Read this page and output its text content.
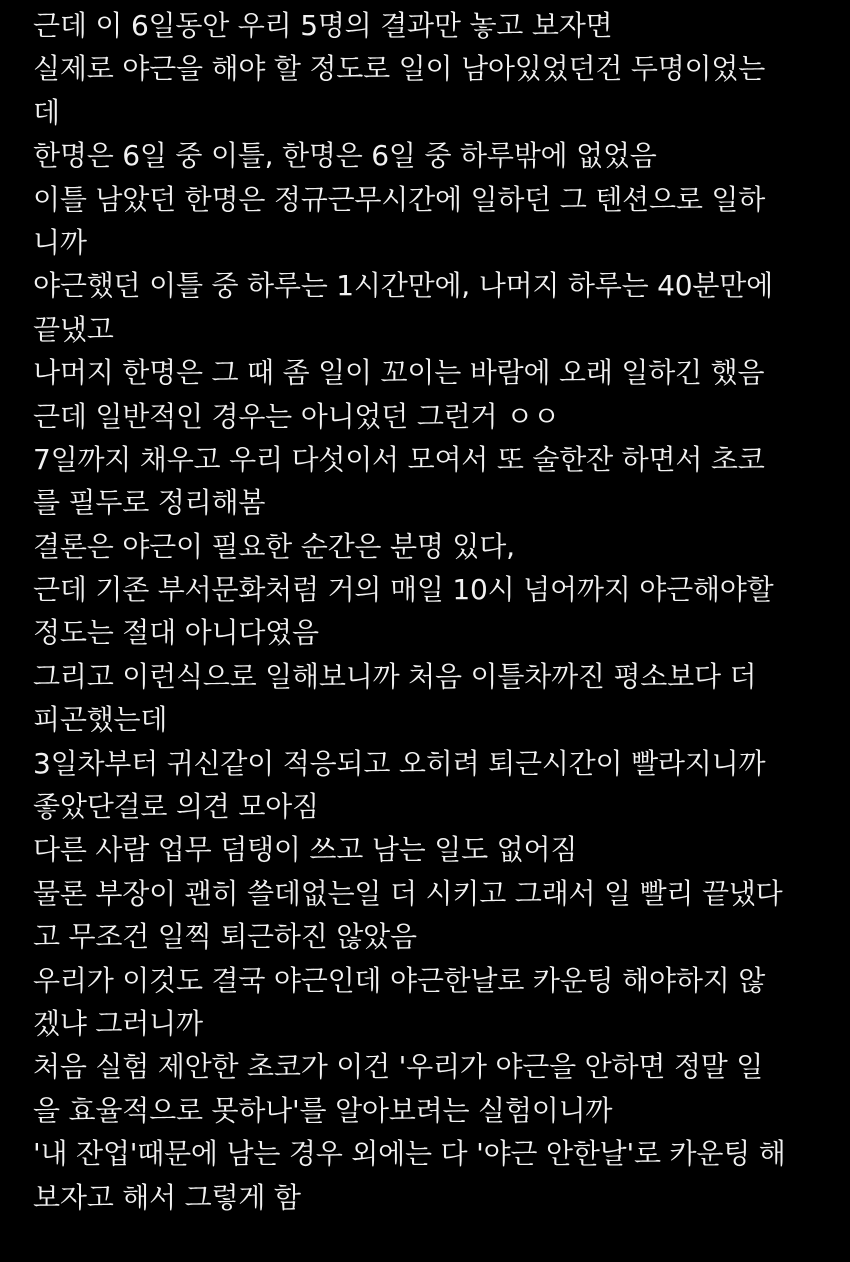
근데 이 6일동안 우리 5명의 결과만 놓고 보자면
실제로 야근을 해야 할 정도로 일이 남아있었던건 두명이었는
데
한명은 6일 중 이틀, 한명은 6일 중 하루밖에 없었음
이틀 남았던 한명은 정규근무시간에 일하던 그 텐션으로 일하
니까
야근했던 이틀 중 하루는 1시간만에, 나머지 하루는 40분만에
끝냈고
나머지 한명은 그 때 좀 일이 꼬이는 바람에 오래 일하긴 했음
근데 일반적인 경우는 아니었던 그런거 ㅇㅇ
7일까지 채우고 우리 다섯이서 모여서 또 술한잔 하면서 초코
를 필두로 정리해봄
결론은 야근이 필요한 순간은 분명 있다,
근데 기존 부서문화처럼 거의 매일 10시 넘어까지 야근해야할
정도는 절대 아니다였음
그리고 이런식으로 일해보니까 처음 이틀차까진 평소보다 더
피곤했는데
3일차부터 귀신같이 적응되고 오히려 퇴근시간이 빨라지니까
좋았단걸로 의견 모아짐
다른 사람 업무 덤탱이 쓰고 남는 일도 없어짐
물론 부장이 괜히 쓸데없는일 더 시키고 그래서 일 빨리 끝냈다
고 무조건 일찍 퇴근하진 않았음
우리가 이것도 결국 야근인데 야근한날로 카운팅 해야하지 않
겠냐 그러니까
처음 실험 제안한 초코가 이건 '우리가 야근을 안하면 정말 일
을 효율적으로 못하나'를 알아보려는 실험이니까
'내 잔업'때문에 남는 경우 외에는 다 '야근 안한날'로 카운팅 해
보자고 해서 그렇게 함
